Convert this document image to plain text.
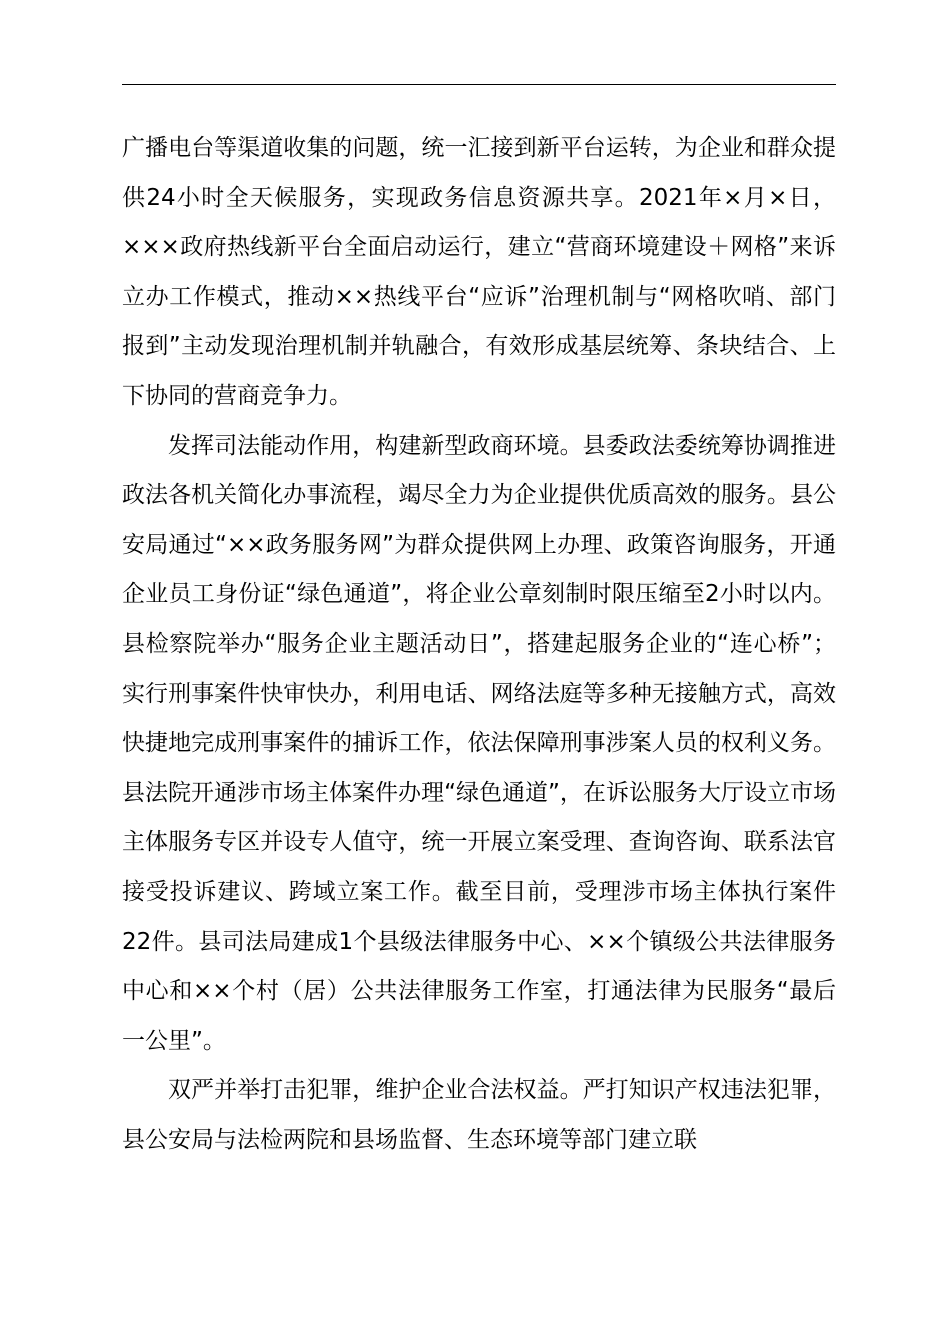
广播电台等渠道收集的问题，统一汇接到新平台运转，为企业和群众提供24小时全天候服务，实现政务信息资源共享。2021年×月×日，×××政府热线新平台全面启动运行，建立“营商环境建设＋网格”来诉立办工作模式，推动××热线平台“应诉”治理机制与“网格吹哨、部门报到”主动发现治理机制并轨融合，有效形成基层统筹、条块结合、上下协同的营商竞争力。

发挥司法能动作用，构建新型政商环境。县委政法委统筹协调推进政法各机关简化办事流程，竭尽全力为企业提供优质高效的服务。县公安局通过“××政务服务网”为群众提供网上办理、政策咨询服务，开通企业员工身份证“绿色通道”，将企业公章刻制时限压缩至2小时以内。县检察院举办“服务企业主题活动日”，搭建起服务企业的“连心桥”；实行刑事案件快审快办，利用电话、网络法庭等多种无接触方式，高效快捷地完成刑事案件的捕诉工作，依法保障刑事涉案人员的权利义务。县法院开通涉市场主体案件办理“绿色通道”，在诉讼服务大厅设立市场主体服务专区并设专人值守，统一开展立案受理、查询咨询、联系法官接受投诉建议、跨域立案工作。截至目前，受理涉市场主体执行案件22件。县司法局建成1个县级法律服务中心、××个镇级公共法律服务中心和××个村（居）公共法律服务工作室，打通法律为民服务“最后一公里”。

双严并举打击犯罪，维护企业合法权益。严打知识产权违法犯罪，县公安局与法检两院和县场监督、生态环境等部门建立联
